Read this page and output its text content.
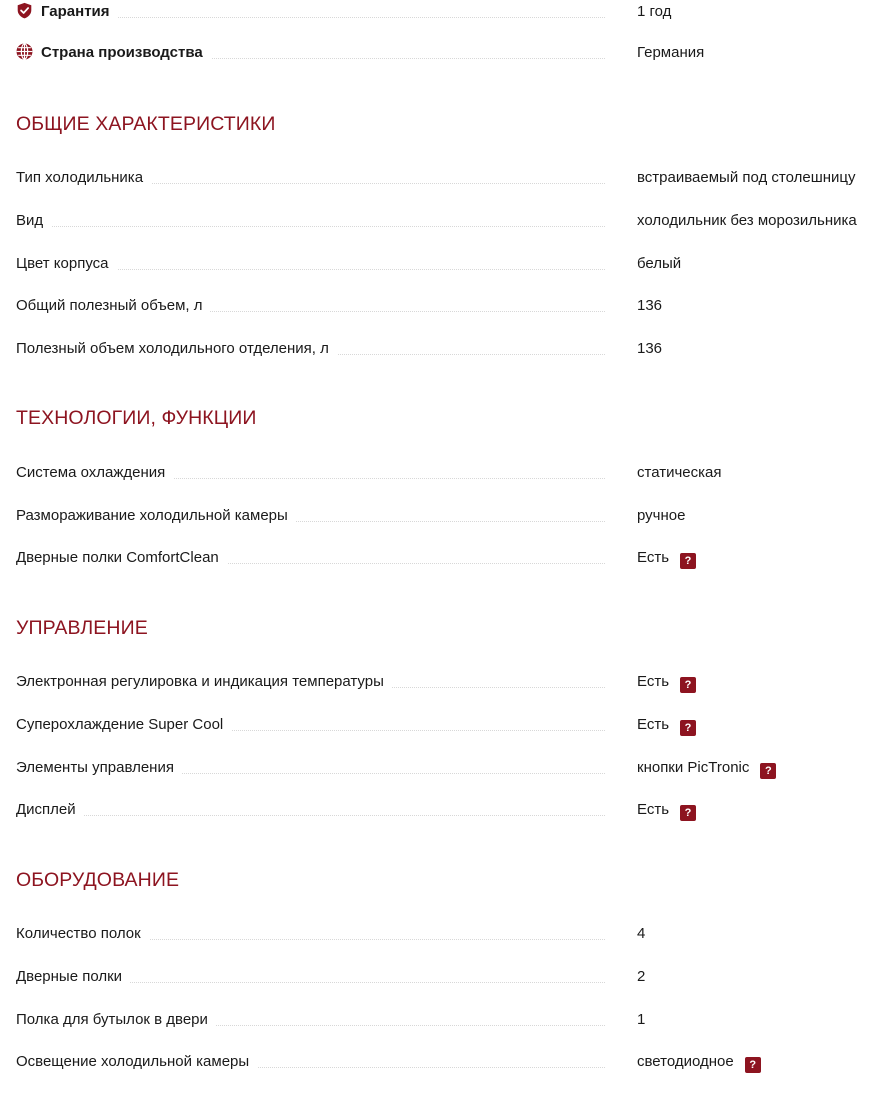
Гарантия	1 год
Страна производства	Германия
ОБЩИЕ ХАРАКТЕРИСТИКИ
Тип холодильника	встраиваемый под столешницу
Вид	холодильник без морозильника
Цвет корпуса	белый
Общий полезный объем, л	136
Полезный объем холодильного отделения, л	136
ТЕХНОЛОГИИ, ФУНКЦИИ
Система охлаждения	статическая
Размораживание холодильной камеры	ручное
Дверные полки ComfortClean	Есть ?
УПРАВЛЕНИЕ
Электронная регулировка и индикация температуры	Есть ?
Суперохлаждение Super Cool	Есть ?
Элементы управления	кнопки PicTronic ?
Дисплей	Есть ?
ОБОРУДОВАНИЕ
Количество полок	4
Дверные полки	2
Полка для бутылок в двери	1
Освещение холодильной камеры	светодиодное ?
